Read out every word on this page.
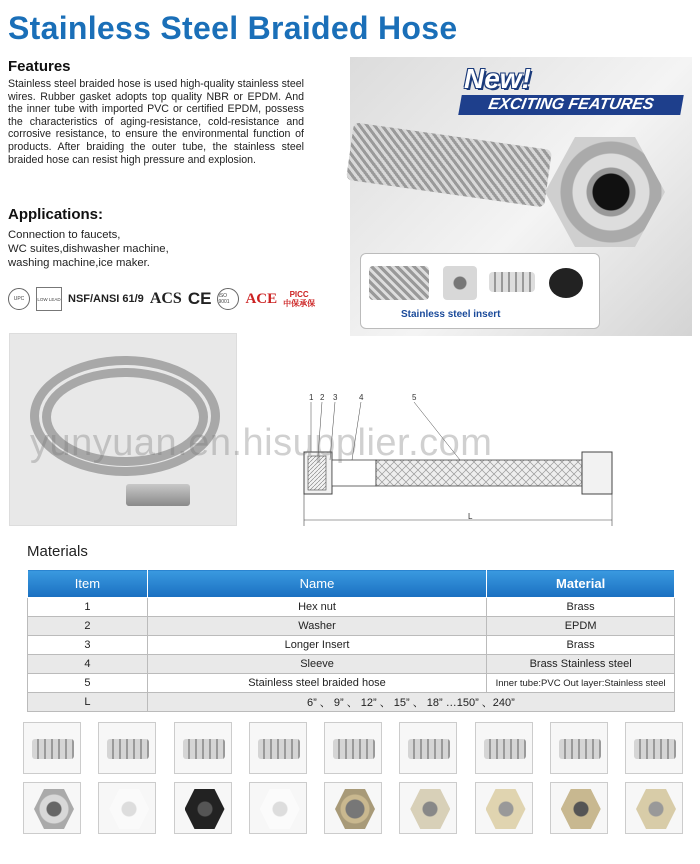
Stainless Steel Braided Hose
Features
Stainless steel braided hose is used high-quality stainless steel wires. Rubber gasket adopts top quality NBR or EPDM. And the inner tube with imported PVC or certified EPDM, possess the characteristics of aging-resistance, cold-resistance and corrosive resistance, to ensure the environmental function of products. After braiding the outer tube, the stainless steel braided hose can resist high pressure and explosion.
Applications:
Connection to faucets,
WC suites,dishwasher machine,
washing machine,ice maker.
UPC	LOW LEAD NSF/ANSI 61/9 ACS CE ISO 9001	ACE	PICC
中保承保
EXCITING FEATURES
New!
Stainless steel insert
1 2 3	4	5
L
yunyuan.en.hisupplier.com
Materials
Item	Name	Material
1	Hex nut	Brass
2	Washer	EPDM
3	Longer Insert	Brass
4	Sleeve	Brass Stainless steel
5	Stainless steel braided hose	Inner tube:PVC Out layer:Stainless steel
L	6” 、 9” 、 12” 、 15” 、 18” …150” 、240”	
